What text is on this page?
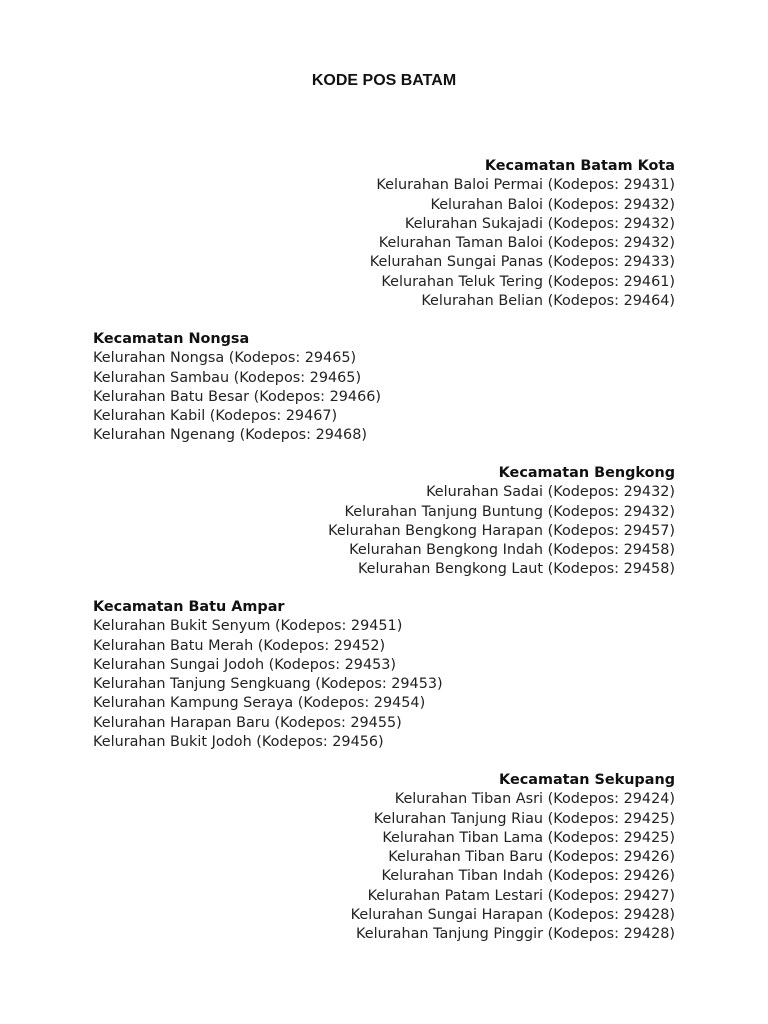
KODE POS BATAM
Kecamatan Batam Kota
Kelurahan Baloi Permai (Kodepos: 29431)
Kelurahan Baloi (Kodepos: 29432)
Kelurahan Sukajadi (Kodepos: 29432)
Kelurahan Taman Baloi (Kodepos: 29432)
Kelurahan Sungai Panas (Kodepos: 29433)
Kelurahan Teluk Tering (Kodepos: 29461)
Kelurahan Belian (Kodepos: 29464)
Kecamatan Nongsa
Kelurahan Nongsa (Kodepos: 29465)
Kelurahan Sambau (Kodepos: 29465)
Kelurahan Batu Besar (Kodepos: 29466)
Kelurahan Kabil (Kodepos: 29467)
Kelurahan Ngenang (Kodepos: 29468)
Kecamatan Bengkong
Kelurahan Sadai (Kodepos: 29432)
Kelurahan Tanjung Buntung (Kodepos: 29432)
Kelurahan Bengkong Harapan (Kodepos: 29457)
Kelurahan Bengkong Indah (Kodepos: 29458)
Kelurahan Bengkong Laut (Kodepos: 29458)
Kecamatan Batu Ampar
Kelurahan Bukit Senyum (Kodepos: 29451)
Kelurahan Batu Merah (Kodepos: 29452)
Kelurahan Sungai Jodoh (Kodepos: 29453)
Kelurahan Tanjung Sengkuang (Kodepos: 29453)
Kelurahan Kampung Seraya (Kodepos: 29454)
Kelurahan Harapan Baru (Kodepos: 29455)
Kelurahan Bukit Jodoh (Kodepos: 29456)
Kecamatan Sekupang
Kelurahan Tiban Asri (Kodepos: 29424)
Kelurahan Tanjung Riau (Kodepos: 29425)
Kelurahan Tiban Lama (Kodepos: 29425)
Kelurahan Tiban Baru (Kodepos: 29426)
Kelurahan Tiban Indah (Kodepos: 29426)
Kelurahan Patam Lestari (Kodepos: 29427)
Kelurahan Sungai Harapan (Kodepos: 29428)
Kelurahan Tanjung Pinggir (Kodepos: 29428)
